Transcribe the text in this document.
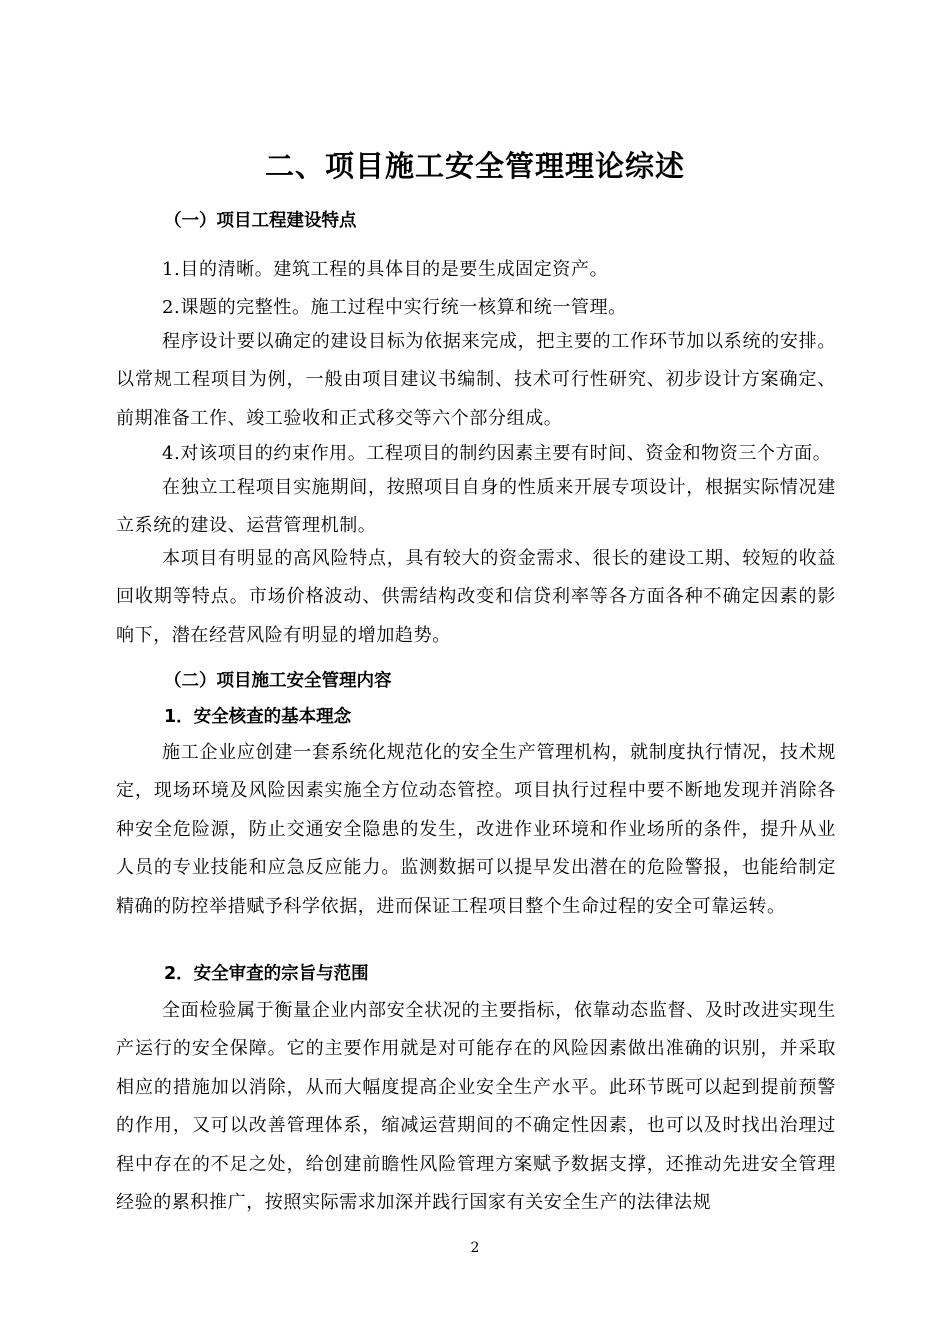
二、项目施工安全管理理论综述
（一）项目工程建设特点
1.目的清晰。建筑工程的具体目的是要生成固定资产。
2.课题的完整性。施工过程中实行统一核算和统一管理。
程序设计要以确定的建设目标为依据来完成，把主要的工作环节加以系统的安排。以常规工程项目为例，一般由项目建议书编制、技术可行性研究、初步设计方案确定、前期准备工作、竣工验收和正式移交等六个部分组成。
4.对该项目的约束作用。工程项目的制约因素主要有时间、资金和物资三个方面。
在独立工程项目实施期间，按照项目自身的性质来开展专项设计，根据实际情况建立系统的建设、运营管理机制。
本项目有明显的高风险特点，具有较大的资金需求、很长的建设工期、较短的收益回收期等特点。市场价格波动、供需结构改变和信贷利率等各方面各种不确定因素的影响下，潜在经营风险有明显的增加趋势。
（二）项目施工安全管理内容
1．安全核查的基本理念
施工企业应创建一套系统化规范化的安全生产管理机构，就制度执行情况，技术规定，现场环境及风险因素实施全方位动态管控。项目执行过程中要不断地发现并消除各种安全危险源，防止交通安全隐患的发生，改进作业环境和作业场所的条件，提升从业人员的专业技能和应急反应能力。监测数据可以提早发出潜在的危险警报，也能给制定精确的防控举措赋予科学依据，进而保证工程项目整个生命过程的安全可靠运转。
2．安全审查的宗旨与范围
全面检验属于衡量企业内部安全状况的主要指标，依靠动态监督、及时改进实现生产运行的安全保障。它的主要作用就是对可能存在的风险因素做出准确的识别，并采取相应的措施加以消除，从而大幅度提高企业安全生产水平。此环节既可以起到提前预警的作用，又可以改善管理体系，缩减运营期间的不确定性因素，也可以及时找出治理过程中存在的不足之处，给创建前瞻性风险管理方案赋予数据支撑，还推动先进安全管理经验的累积推广，按照实际需求加深并践行国家有关安全生产的法律法规
2
